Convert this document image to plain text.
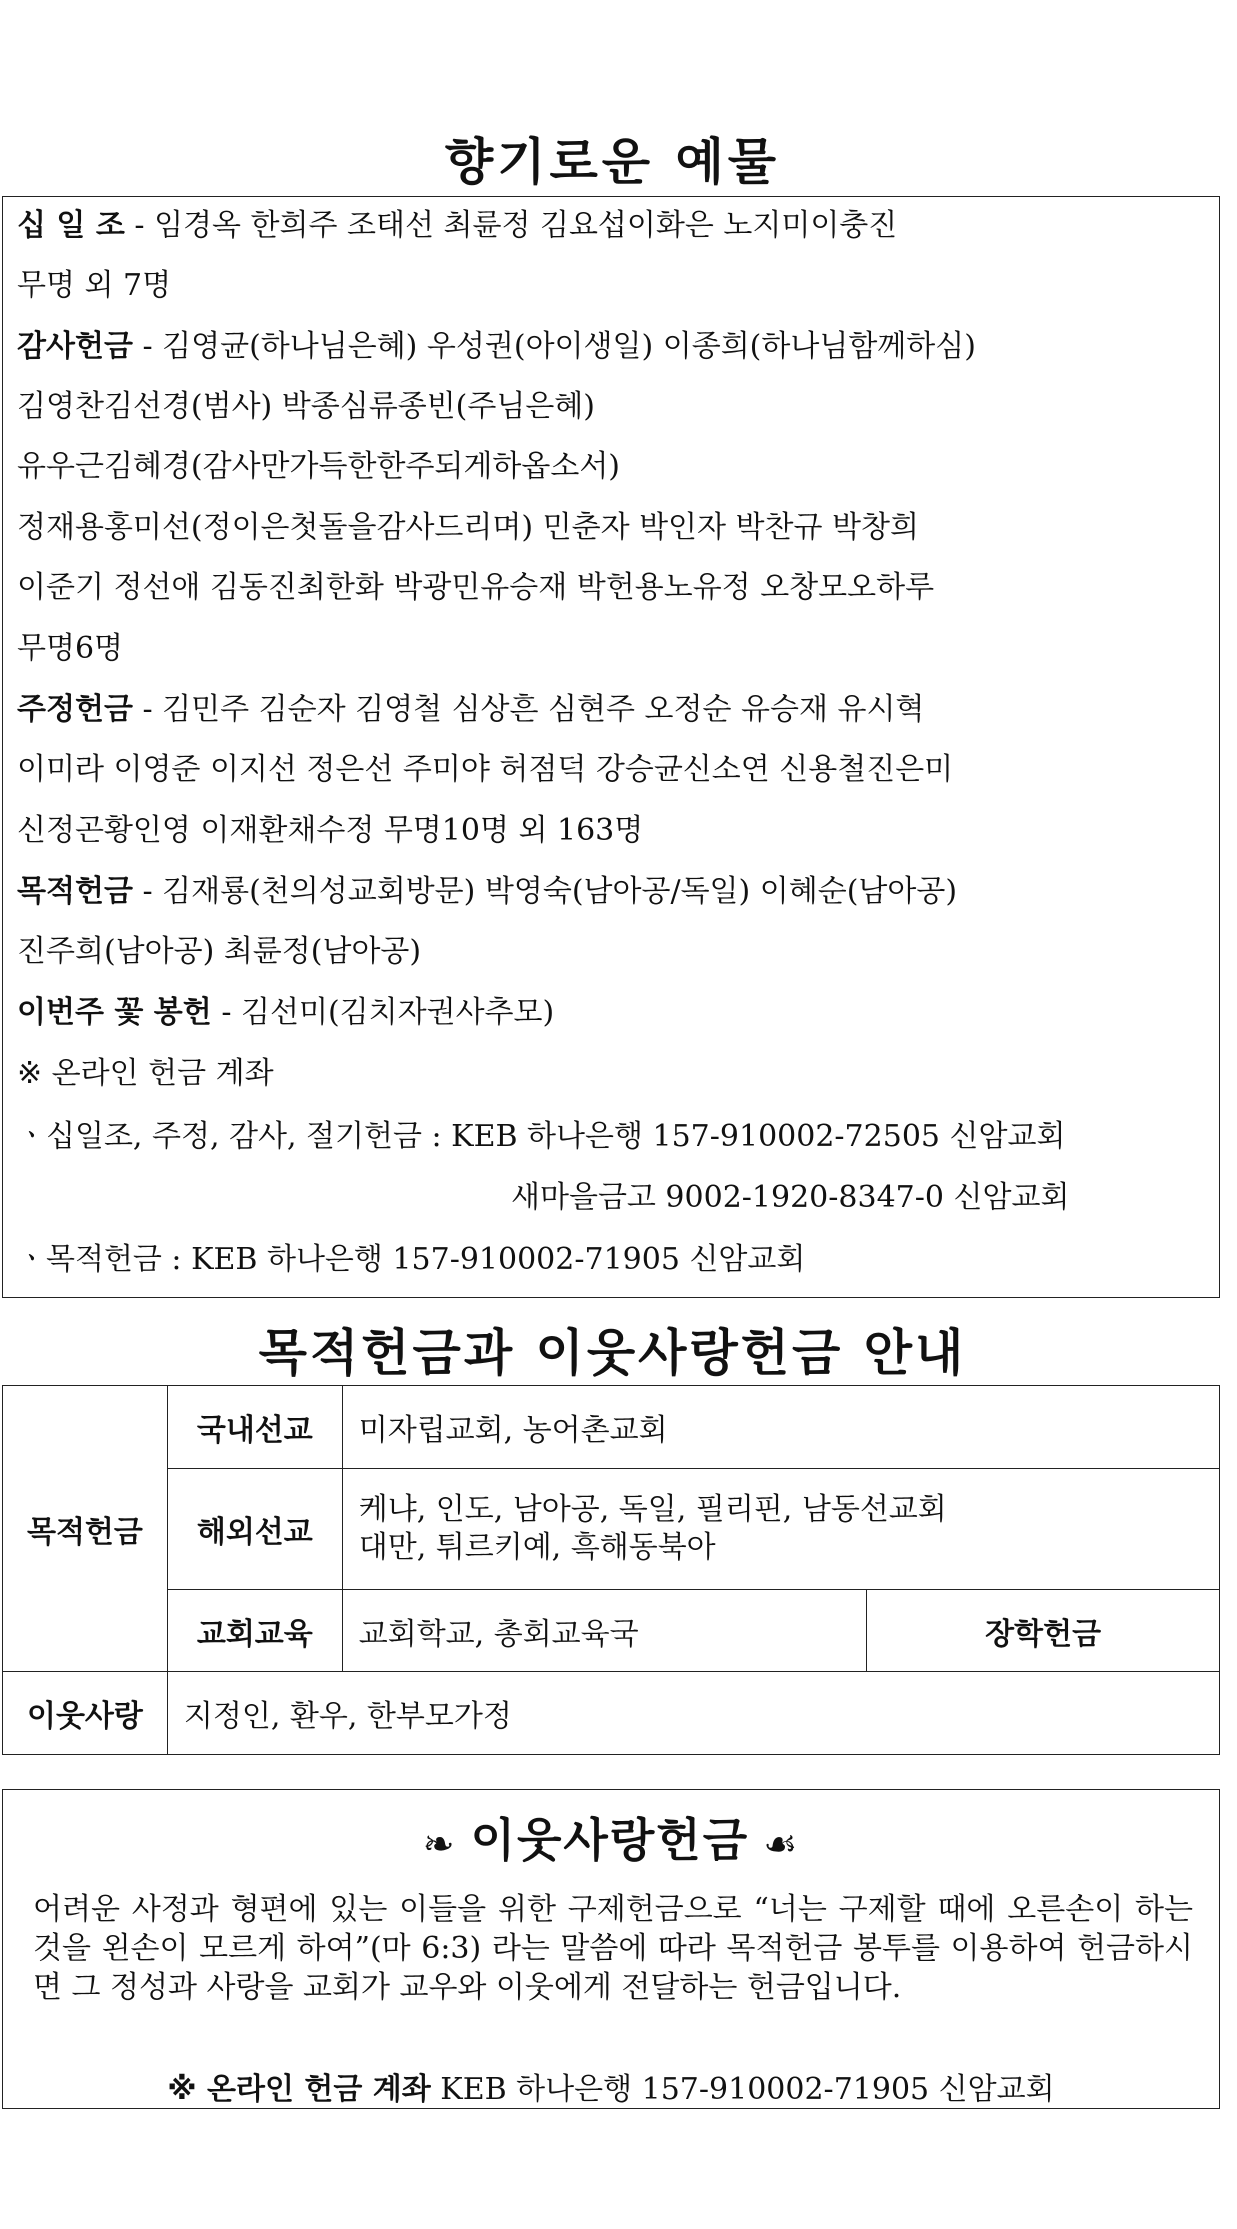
향기로운 예물
십 일 조 - 임경옥 한희주 조태선 최륜정 김요섭이화은 노지미이충진
무명 외 7명
감사헌금 - 김영균(하나님은혜) 우성권(아이생일) 이종희(하나님함께하심)
김영찬김선경(범사) 박종심류종빈(주님은혜)
유우근김혜경(감사만가득한한주되게하옵소서)
정재용홍미선(정이은첫돌을감사드리며) 민춘자 박인자 박찬규 박창희
이준기 정선애 김동진최한화 박광민유승재 박헌용노유정 오창모오하루
무명6명
주정헌금 - 김민주 김순자 김영철 심상흔 심현주 오정순 유승재 유시혁
이미라 이영준 이지선 정은선 주미야 허점덕 강승균신소연 신용철진은미
신정곤황인영 이재환채수정 무명10명 외 163명
목적헌금 - 김재룡(천의성교회방문) 박영숙(남아공/독일) 이혜순(남아공)
진주희(남아공) 최륜정(남아공)
이번주 꽃 봉헌 - 김선미(김치자권사추모)
※ 온라인 헌금 계좌
ㆍ십일조, 주정, 감사, 절기헌금 : KEB 하나은행 157-910002-72505 신암교회
새마을금고 9002-1920-8347-0 신암교회
ㆍ목적헌금 : KEB 하나은행 157-910002-71905 신암교회
목적헌금과 이웃사랑헌금 안내
목적헌금	국내선교	미자립교회, 농어촌교회	
	해외선교	케냐, 인도, 남아공, 독일, 필리핀, 남동선교회
대만, 튀르키예, 흑해동북아	

	교회교육	교회학교, 총회교육국	장학헌금
이웃사랑	지정인, 환우, 한부모가정		
❧ 이웃사랑헌금 ☙
어려운 사정과 형편에 있는 이들을 위한 구제헌금으로 “너는 구제할 때에 오른손이 하는 것을 왼손이 모르게 하여”(마 6:3) 라는 말씀에 따라 목적헌금 봉투를 이용하여 헌금하시면 그 정성과 사랑을 교회가 교우와 이웃에게 전달하는 헌금입니다.
※ 온라인 헌금 계좌 KEB 하나은행 157-910002-71905 신암교회
